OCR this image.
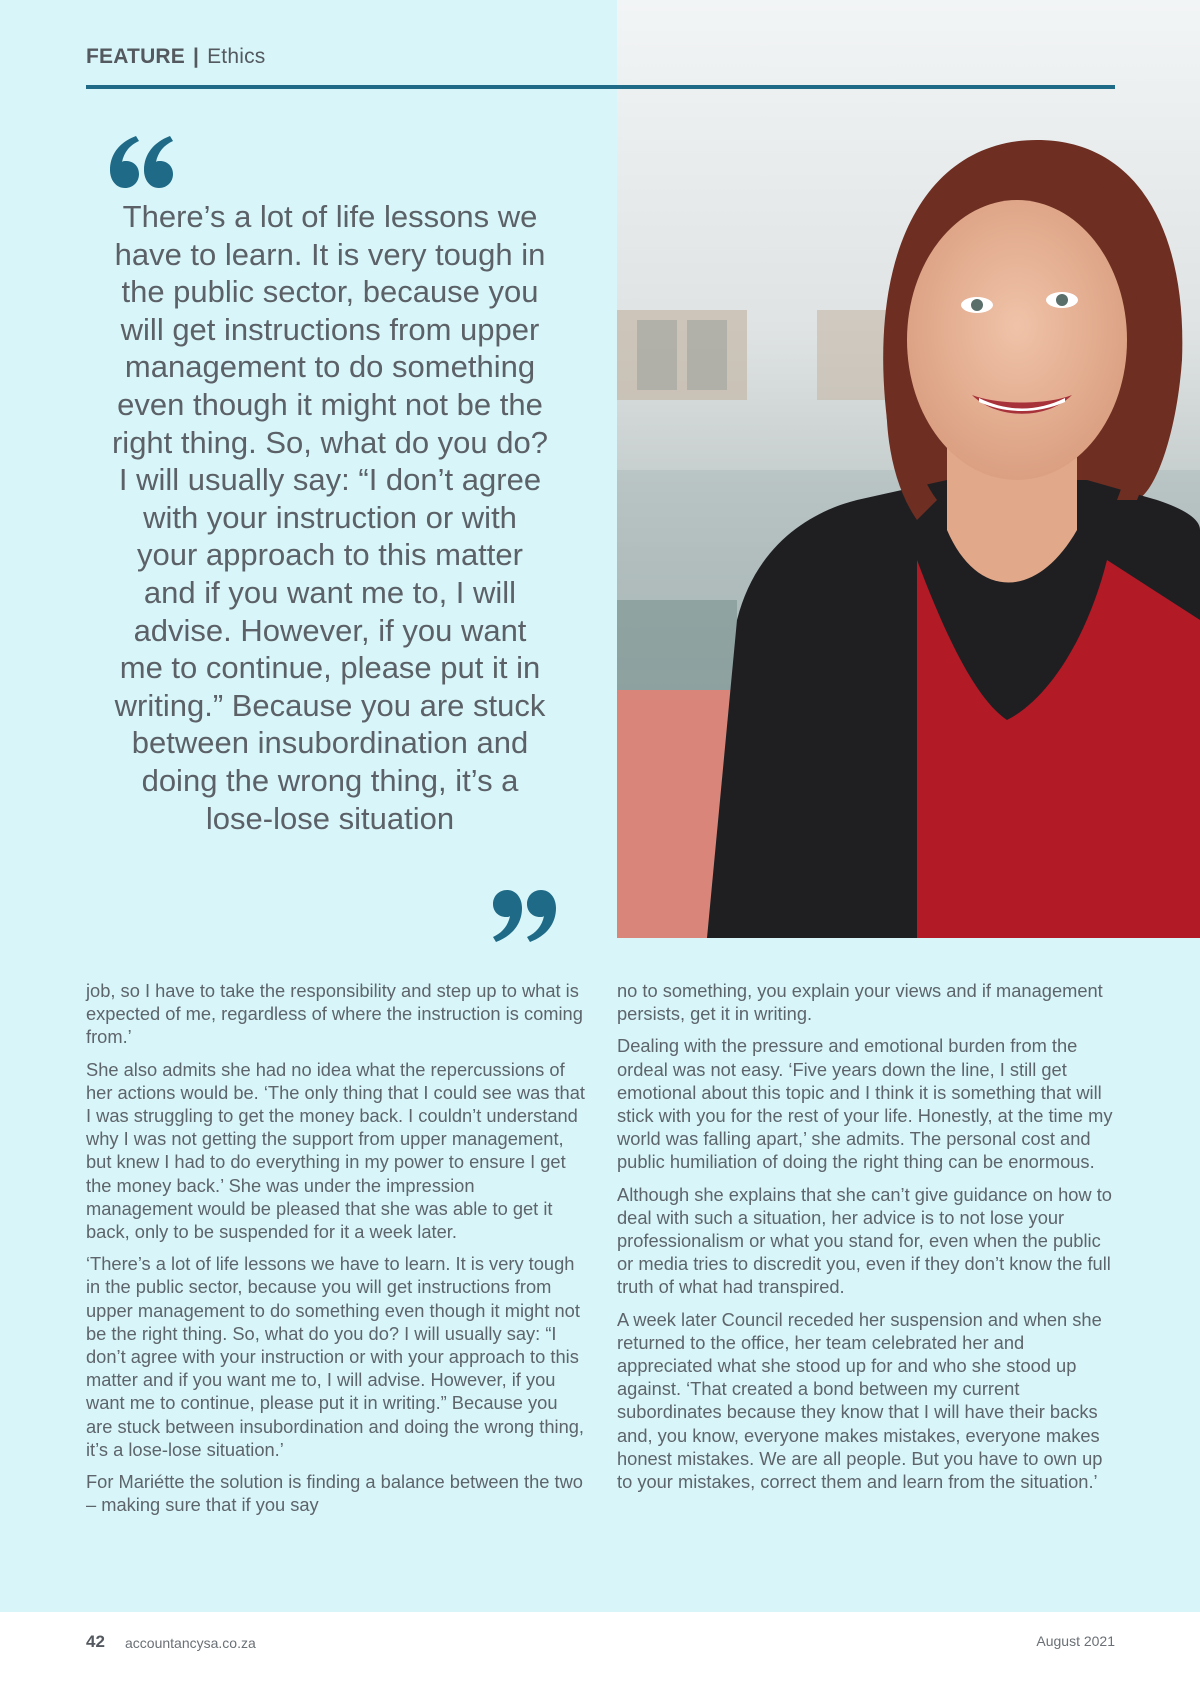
FEATURE | Ethics
There’s a lot of life lessons we have to learn. It is very tough in the public sector, because you will get instructions from upper management to do something even though it might not be the right thing. So, what do you do? I will usually say: “I don’t agree with your instruction or with your approach to this matter and if you want me to, I will advise. However, if you want me to continue, please put it in writing.” Because you are stuck between insubordination and doing the wrong thing, it’s a lose-lose situation

job, so I have to take the responsibility and step up to what is expected of me, regardless of where the instruction is coming from.’

She also admits she had no idea what the repercussions of her actions would be. ‘The only thing that I could see was that I was struggling to get the money back. I couldn’t understand why I was not getting the support from upper management, but knew I had to do everything in my power to ensure I get the money back.’ She was under the impression management would be pleased that she was able to get it back, only to be suspended for it a week later.

‘There’s a lot of life lessons we have to learn. It is very tough in the public sector, because you will get instructions from upper management to do something even though it might not be the right thing. So, what do you do? I will usually say: “I don’t agree with your instruction or with your approach to this matter and if you want me to, I will advise. However, if you want me to continue, please put it in writing.” Because you are stuck between insubordination and doing the wrong thing, it’s a lose-lose situation.’

For Mariétte the solution is finding a balance between the two – making sure that if you say

no to something, you explain your views and if management persists, get it in writing.

Dealing with the pressure and emotional burden from the ordeal was not easy. ‘Five years down the line, I still get emotional about this topic and I think it is something that will stick with you for the rest of your life. Honestly, at the time my world was falling apart,’ she admits. The personal cost and public humiliation of doing the right thing can be enormous.

Although she explains that she can’t give guidance on how to deal with such a situation, her advice is to not lose your professionalism or what you stand for, even when the public or media tries to discredit you, even if they don’t know the full truth of what had transpired.

A week later Council receded her suspension and when she returned to the office, her team celebrated her and appreciated what she stood up for and who she stood up against. ‘That created a bond between my current subordinates because they know that I will have their backs and, you know, everyone makes mistakes, everyone makes honest mistakes. We are all people. But you have to own up to your mistakes, correct them and learn from the situation.’

42 accountancysa.co.za	August 2021
